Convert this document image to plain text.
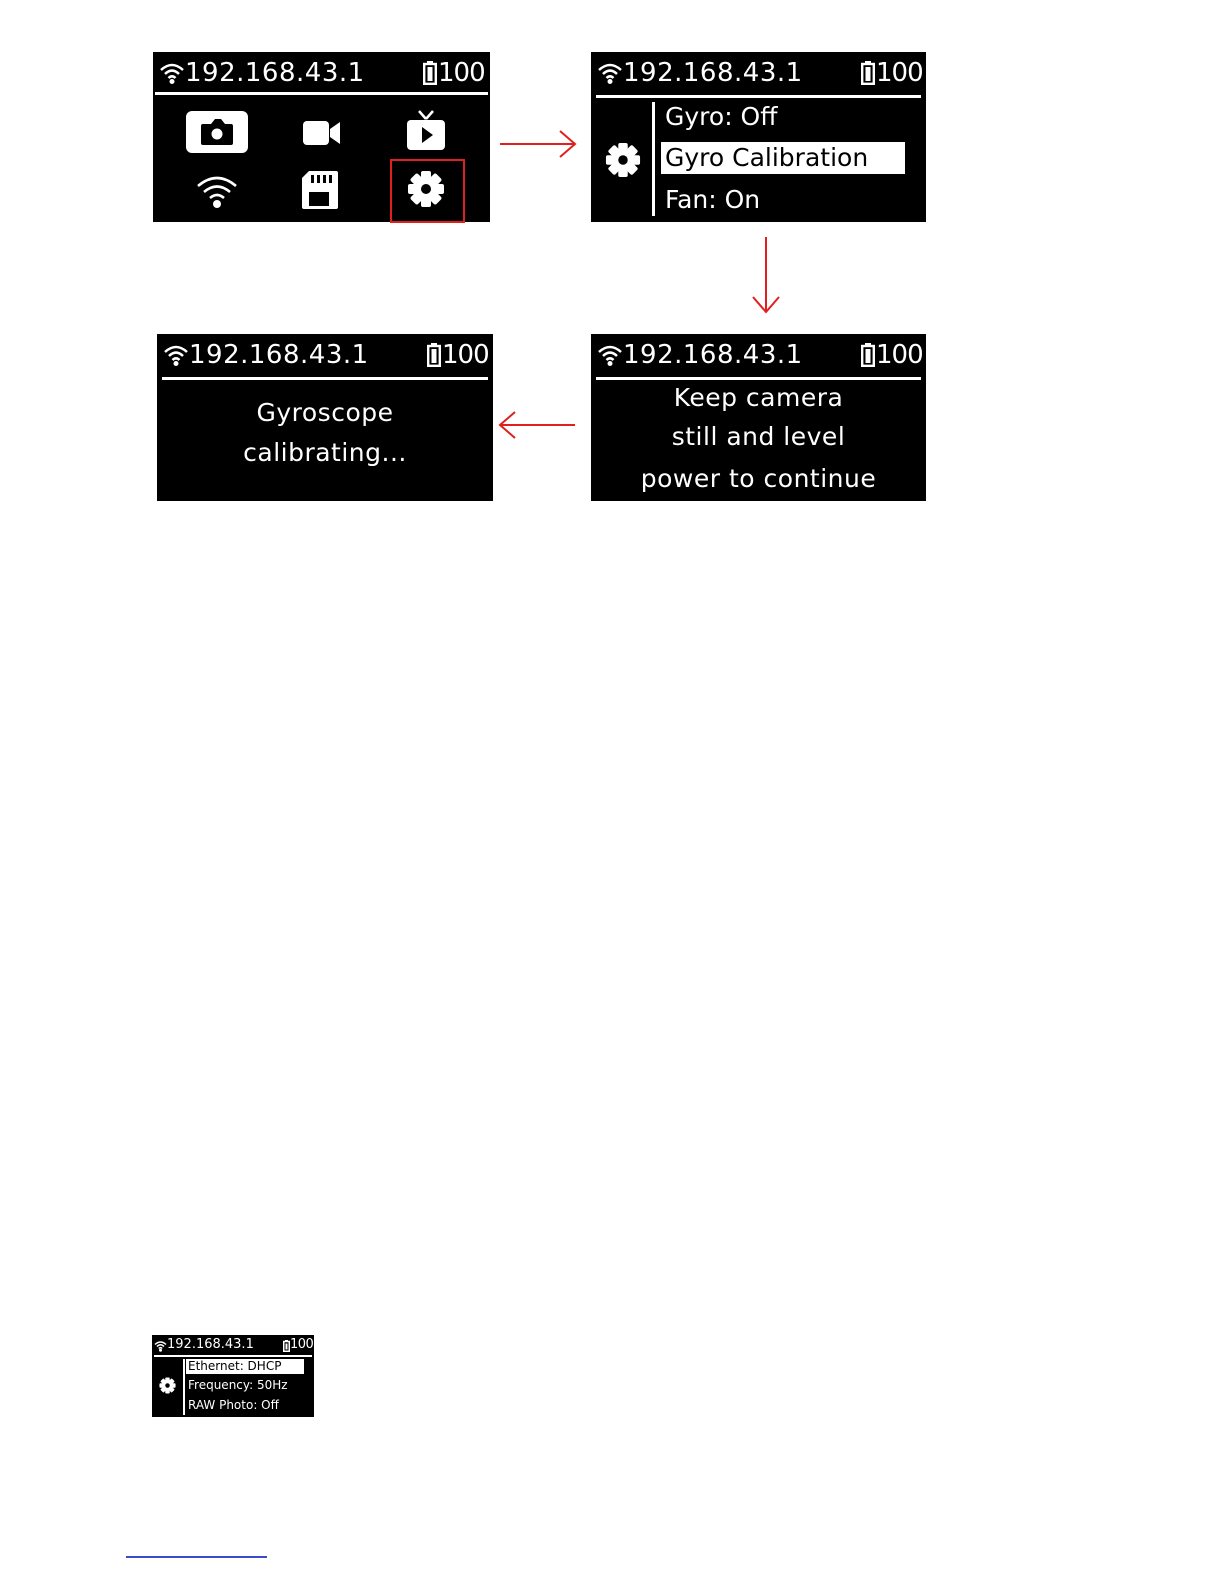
192.168.43.1	100	192.168.43.1	100
Gyro: Off
Gyro Calibration
Fan: On
192.168.43.1	100
Keep camera
still and level
power to continue
192.168.43.1	100
Gyroscope
calibrating...
192.168.43.1	100
Ethernet: DHCP
Frequency: 50Hz
RAW Photo: Off
